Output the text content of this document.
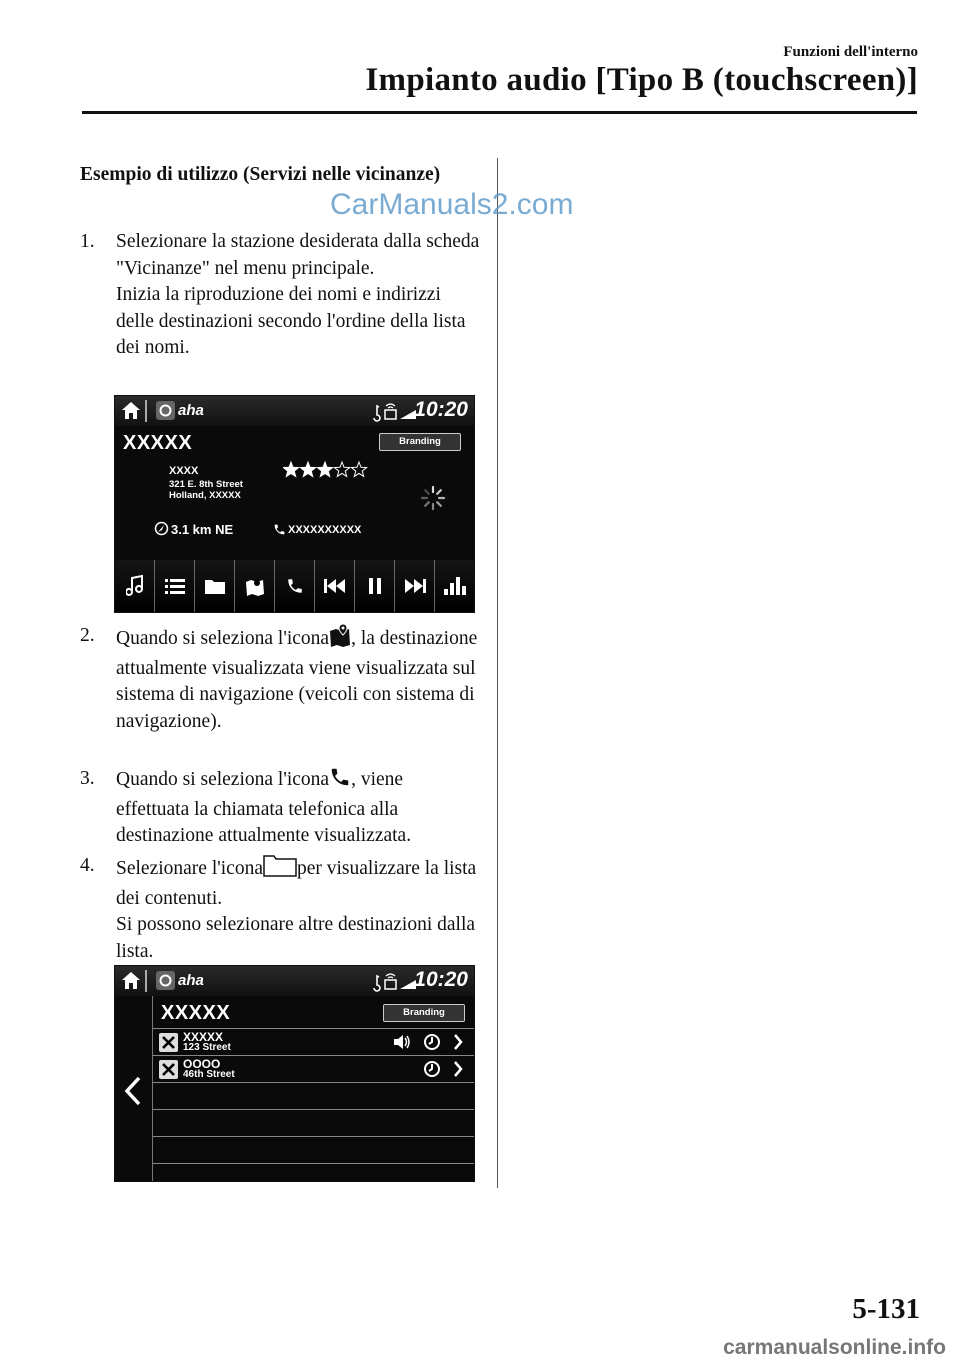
Funzioni dell'interno
Impianto audio [Tipo B (touchscreen)]
Esempio di utilizzo (Servizi nelle vicinanze)
CarManuals2.com
1. Selezionare la stazione desiderata dalla scheda "Vicinanze" nel menu principale.
Inizia la riproduzione dei nomi e indirizzi delle destinazioni secondo l'ordine della lista dei nomi.
aha	10:20
XXXXX	Branding
XXXX
321 E. 8th Street
Holland, XXXXX
3.1 km NE	XXXXXXXXXX
2. Quando si seleziona l'icona , la destinazione attualmente visualizzata viene visualizzata sul sistema di navigazione (veicoli con sistema di navigazione).
3. Quando si seleziona l'icona , viene effettuata la chiamata telefonica alla destinazione attualmente visualizzata.
4. Selezionare l'icona per visualizzare la lista dei contenuti.
Si possono selezionare altre destinazioni dalla lista.
aha	10:20
XXXXX	Branding
XXXXX
123 Street
OOOO
46th Street
5-131
carmanualsonline.info
